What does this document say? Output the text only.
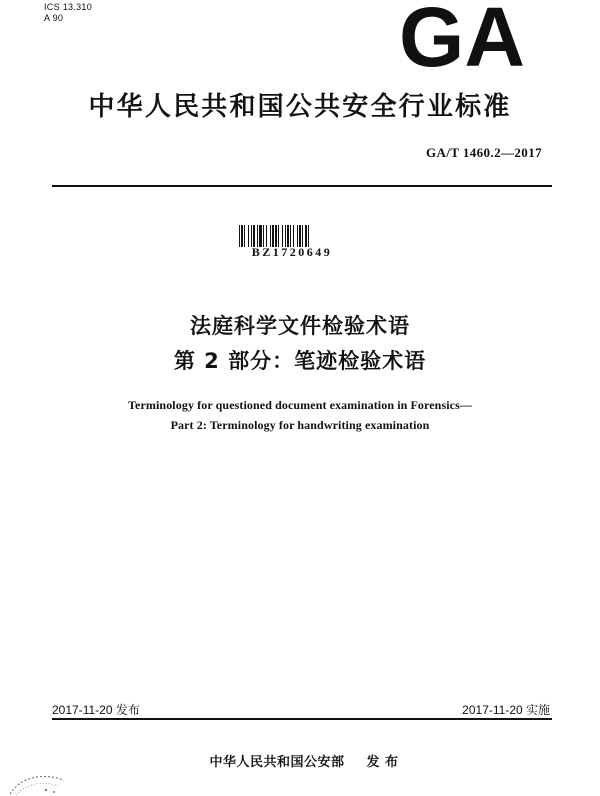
ICS 13.310
A 90	GA
中华人民共和国公共安全行业标准
GA/T 1460.2—2017
BZ1720649
法庭科学文件检验术语
第 2 部分：笔迹检验术语
Terminology for questioned document examination in Forensics—
Part 2: Terminology for handwriting examination
2017-11-20 发布	2017-11-20 实施
中华人民共和国公安部 发 布
